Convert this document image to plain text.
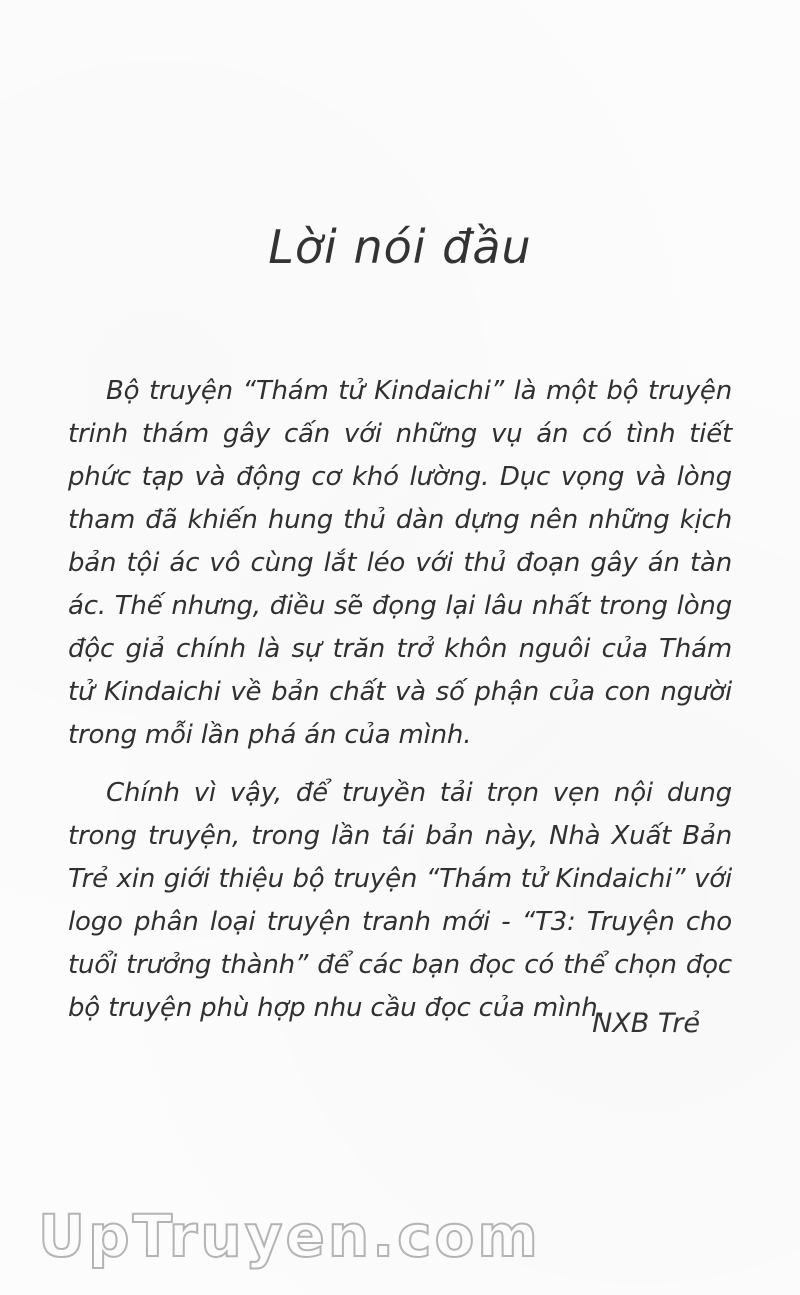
Lời nói đầu

Bộ truyện “Thám tử Kindaichi” là một bộ truyện trinh thám gây cấn với những vụ án có tình tiết phức tạp và động cơ khó lường. Dục vọng và lòng tham đã khiến hung thủ dàn dựng nên những kịch bản tội ác vô cùng lắt léo với thủ đoạn gây án tàn ác. Thế nhưng, điều sẽ đọng lại lâu nhất trong lòng độc giả chính là sự trăn trở khôn nguôi của Thám tử Kindaichi về bản chất và số phận của con người trong mỗi lần phá án của mình.

Chính vì vậy, để truyền tải trọn vẹn nội dung trong truyện, trong lần tái bản này, Nhà Xuất Bản Trẻ xin giới thiệu bộ truyện “Thám tử Kindaichi” với logo phân loại truyện tranh mới - “T3: Truyện cho tuổi trưởng thành” để các bạn đọc có thể chọn đọc bộ truyện phù hợp nhu cầu đọc của mình.

NXB Trẻ
UpTruyen.com
